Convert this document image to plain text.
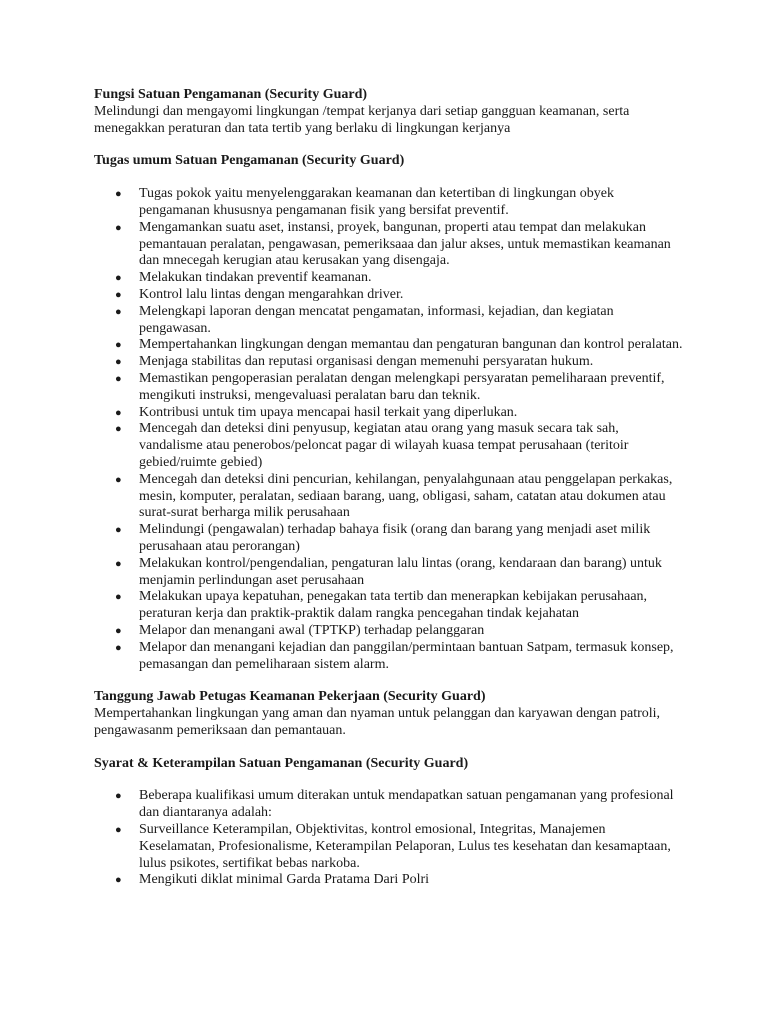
Fungsi Satuan Pengamanan (Security Guard)

Melindungi dan mengayomi lingkungan /tempat kerjanya dari setiap gangguan keamanan, serta menegakkan peraturan dan tata tertib yang berlaku di lingkungan kerjanya

Tugas umum Satuan Pengamanan (Security Guard)
● Tugas pokok yaitu menyelenggarakan keamanan dan ketertiban di lingkungan obyek pengamanan khususnya pengamanan fisik yang bersifat preventif.
● Mengamankan suatu aset, instansi, proyek, bangunan, properti atau tempat dan melakukan pemantauan peralatan, pengawasan, pemeriksaaa dan jalur akses, untuk memastikan keamanan dan mnecegah kerugian atau kerusakan yang disengaja.
● Melakukan tindakan preventif keamanan.
● Kontrol lalu lintas dengan mengarahkan driver.
● Melengkapi laporan dengan mencatat pengamatan, informasi, kejadian, dan kegiatan pengawasan.
● Mempertahankan lingkungan dengan memantau dan pengaturan bangunan dan kontrol peralatan.
● Menjaga stabilitas dan reputasi organisasi dengan memenuhi persyaratan hukum.
● Memastikan pengoperasian peralatan dengan melengkapi persyaratan pemeliharaan preventif, mengikuti instruksi, mengevaluasi peralatan baru dan teknik.
● Kontribusi untuk tim upaya mencapai hasil terkait yang diperlukan.
● Mencegah dan deteksi dini penyusup, kegiatan atau orang yang masuk secara tak sah, vandalisme atau penerobos/peloncat pagar di wilayah kuasa tempat perusahaan (teritoir gebied/ruimte gebied)
● Mencegah dan deteksi dini pencurian, kehilangan, penyalahgunaan atau penggelapan perkakas, mesin, komputer, peralatan, sediaan barang, uang, obligasi, saham, catatan atau dokumen atau surat-surat berharga milik perusahaan
● Melindungi (pengawalan) terhadap bahaya fisik (orang dan barang yang menjadi aset milik perusahaan atau perorangan)
● Melakukan kontrol/pengendalian, pengaturan lalu lintas (orang, kendaraan dan barang) untuk menjamin perlindungan aset perusahaan
● Melakukan upaya kepatuhan, penegakan tata tertib dan menerapkan kebijakan perusahaan, peraturan kerja dan praktik-praktik dalam rangka pencegahan tindak kejahatan
● Melapor dan menangani awal (TPTKP) terhadap pelanggaran
● Melapor dan menangani kejadian dan panggilan/permintaan bantuan Satpam, termasuk konsep, pemasangan dan pemeliharaan sistem alarm.
Tanggung Jawab Petugas Keamanan Pekerjaan (Security Guard)

Mempertahankan lingkungan yang aman dan nyaman untuk pelanggan dan karyawan dengan patroli, pengawasanm pemeriksaan dan pemantauan.

Syarat & Keterampilan Satuan Pengamanan (Security Guard)
● Beberapa kualifikasi umum diterakan untuk mendapatkan satuan pengamanan yang profesional dan diantaranya adalah:
● Surveillance Keterampilan, Objektivitas, kontrol emosional, Integritas, Manajemen Keselamatan, Profesionalisme, Keterampilan Pelaporan, Lulus tes kesehatan dan kesamaptaan, lulus psikotes, sertifikat bebas narkoba.
● Mengikuti diklat minimal Garda Pratama Dari Polri
